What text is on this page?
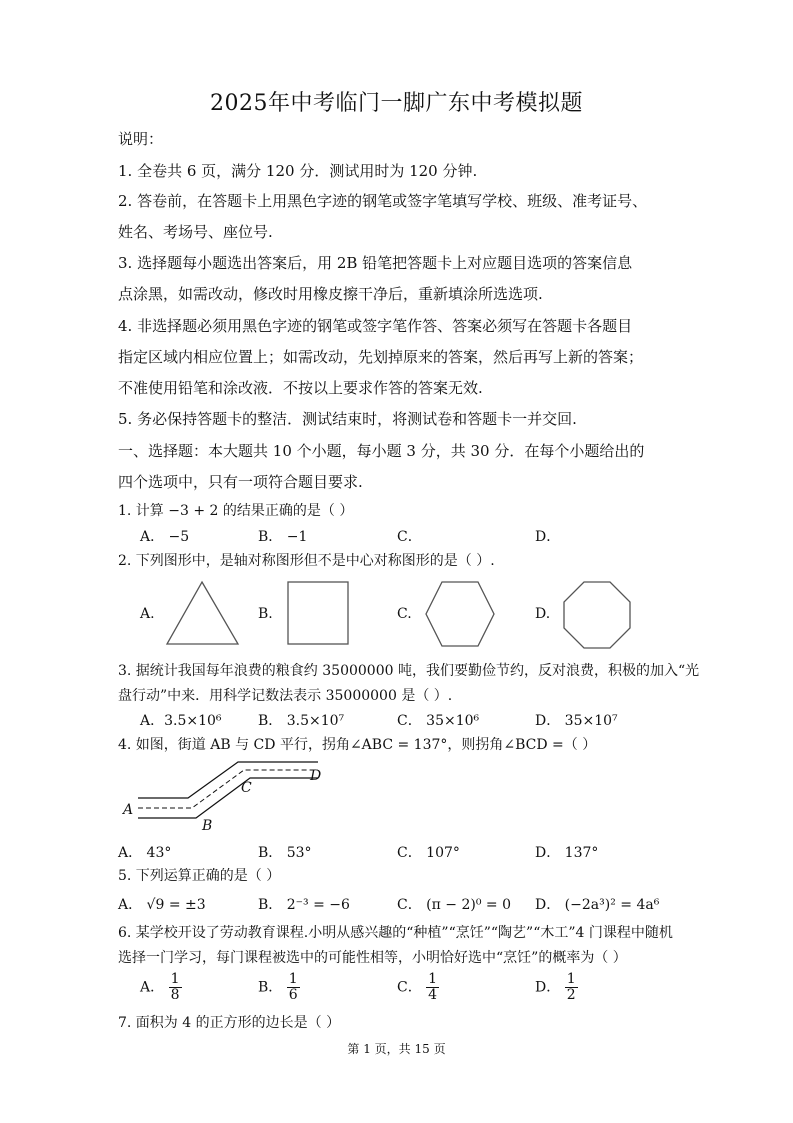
2025年中考临门一脚广东中考模拟题
说明：
1. 全卷共 6 页，满分 120 分．测试用时为 120 分钟.
2. 答卷前，在答题卡上用黑色字迹的钢笔或签字笔填写学校、班级、准考证号、
姓名、考场号、座位号.
3. 选择题每小题选出答案后，用 2B 铅笔把答题卡上对应题目选项的答案信息
点涂黑，如需改动，修改时用橡皮擦干净后，重新填涂所选选项.
4. 非选择题必须用黑色字迹的钢笔或签字笔作答、答案必须写在答题卡各题目
指定区域内相应位置上；如需改动，先划掉原来的答案，然后再写上新的答案；
不准使用铅笔和涂改液．不按以上要求作答的答案无效.
5. 务必保持答题卡的整洁．测试结束时，将测试卷和答题卡一并交回.
一、选择题：本大题共 10 个小题，每小题 3 分，共 30 分．在每个小题给出的
四个选项中，只有一项符合题目要求.
1. 计算 −3 + 2 的结果正确的是（ ）
A． −5	B． −1	C．	D．
2. 下列图形中，是轴对称图形但不是中心对称图形的是（ ）.
A.	B.	C.	D.
3. 据统计我国每年浪费的粮食约 35000000 吨，我们要勤俭节约，反对浪费，积极的加入“光
盘行动”中来．用科学记数法表示 35000000 是（ ）.
A．3.5×10⁶	B． 3.5×10⁷	C． 35×10⁶	D． 35×10⁷
4. 如图，街道 AB 与 CD 平行，拐角∠ABC = 137°，则拐角∠BCD =（ ）
A
B
C
D
A． 43°	B． 53°	C． 107°	D． 137°
5. 下列运算正确的是（ ）
A． √9 = ±3	B． 2⁻³ = −6	C． (π − 2)⁰ = 0 D． (−2a³)² = 4a⁶
6. 某学校开设了劳动教育课程.小明从感兴趣的“种植”“烹饪”“陶艺”“木工”4 门课程中随机
选择一门学习，每门课程被选中的可能性相等，小明恰好选中“烹饪”的概率为（ ）
A． $\frac{1}{8}$	B． $\frac{1}{6}$	C． $\frac{1}{4}$	D． $\frac{1}{2}$
7. 面积为 4 的正方形的边长是（ ）
第 1 页，共 15 页
